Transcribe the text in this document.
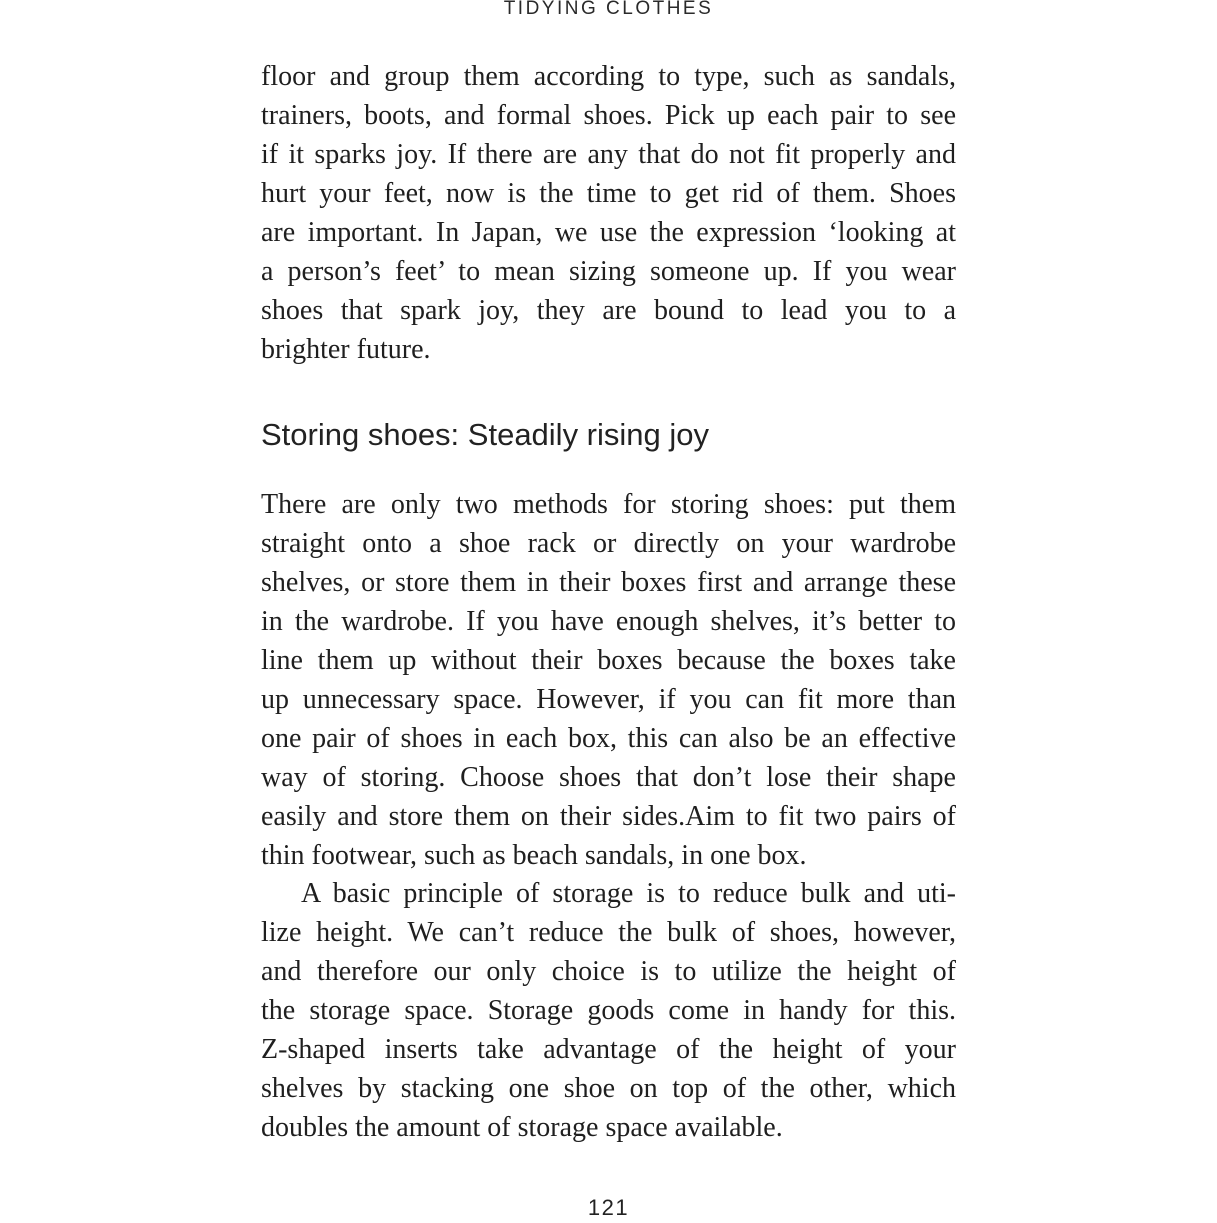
TIDYING CLOTHES
floor and group them according to type, such as sandals,
trainers, boots, and formal shoes. Pick up each pair to see
if it sparks joy. If there are any that do not fit properly and
hurt your feet, now is the time to get rid of them. Shoes
are important. In Japan, we use the expression ‘looking at
a person’s feet’ to mean sizing someone up. If you wear
shoes that spark joy, they are bound to lead you to a
brighter future.
Storing shoes: Steadily rising joy
There are only two methods for storing shoes: put them
straight onto a shoe rack or directly on your wardrobe
shelves, or store them in their boxes first and arrange these
in the wardrobe. If you have enough shelves, it’s better to
line them up without their boxes because the boxes take
up unnecessary space. However, if you can fit more than
one pair of shoes in each box, this can also be an effective
way of storing. Choose shoes that don’t lose their shape
easily and store them on their sides.Aim to fit two pairs of
thin footwear, such as beach sandals, in one box.
A basic principle of storage is to reduce bulk and uti-
lize height. We can’t reduce the bulk of shoes, however,
and therefore our only choice is to utilize the height of
the storage space. Storage goods come in handy for this.
Z-shaped inserts take advantage of the height of your
shelves by stacking one shoe on top of the other, which
doubles the amount of storage space available.
121
